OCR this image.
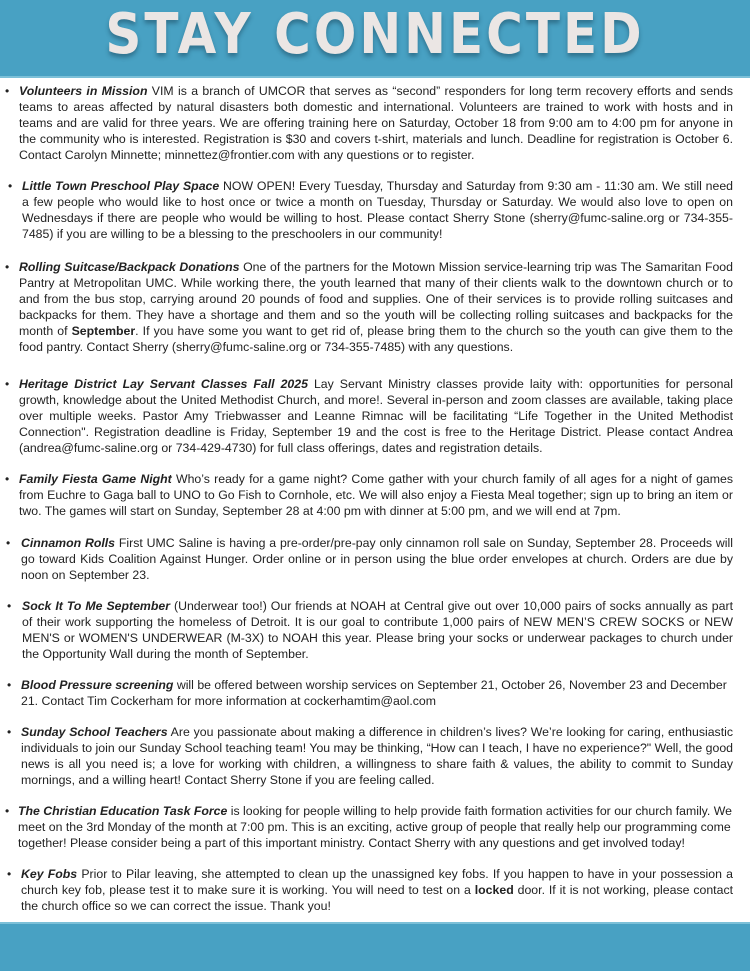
STAY CONNECTED
• Volunteers in Mission VIM is a branch of UMCOR that serves as “second” responders for long term recovery efforts and sends teams to areas affected by natural disasters both domestic and international. Volunteers are trained to work with hosts and in teams and are valid for three years. We are offering training here on Saturday, October 18 from 9:00 am to 4:00 pm for anyone in the community who is interested. Registration is $30 and covers t-shirt, materials and lunch. Deadline for registration is October 6. Contact Carolyn Minnette; minnettez@frontier.com with any questions or to register.
• Little Town Preschool Play Space NOW OPEN! Every Tuesday, Thursday and Saturday from 9:30 am - 11:30 am. We still need a few people who would like to host once or twice a month on Tuesday, Thursday or Saturday. We would also love to open on Wednesdays if there are people who would be willing to host. Please contact Sherry Stone (sherry@fumc-saline.org or 734-355-7485) if you are willing to be a blessing to the preschoolers in our community!
• Rolling Suitcase/Backpack Donations One of the partners for the Motown Mission service-learning trip was The Samaritan Food Pantry at Metropolitan UMC. While working there, the youth learned that many of their clients walk to the downtown church or to and from the bus stop, carrying around 20 pounds of food and supplies. One of their services is to provide rolling suitcases and backpacks for them. They have a shortage and them and so the youth will be collecting rolling suitcases and backpacks for the month of September. If you have some you want to get rid of, please bring them to the church so the youth can give them to the food pantry. Contact Sherry (sherry@fumc-saline.org or 734-355-7485) with any questions.
• Heritage District Lay Servant Classes Fall 2025 Lay Servant Ministry classes provide laity with: opportunities for personal growth, knowledge about the United Methodist Church, and more!. Several in-person and zoom classes are available, taking place over multiple weeks. Pastor Amy Triebwasser and Leanne Rimnac will be facilitating “Life Together in the United Methodist Connection". Registration deadline is Friday, September 19 and the cost is free to the Heritage District. Please contact Andrea (andrea@fumc-saline.org or 734-429-4730) for full class offerings, dates and registration details.
• Family Fiesta Game Night Who’s ready for a game night? Come gather with your church family of all ages for a night of games from Euchre to Gaga ball to UNO to Go Fish to Cornhole, etc. We will also enjoy a Fiesta Meal together; sign up to bring an item or two. The games will start on Sunday, September 28 at 4:00 pm with dinner at 5:00 pm, and we will end at 7pm.
• Cinnamon Rolls First UMC Saline is having a pre-order/pre-pay only cinnamon roll sale on Sunday, September 28. Proceeds will go toward Kids Coalition Against Hunger. Order online or in person using the blue order envelopes at church. Orders are due by noon on September 23.
• Sock It To Me September (Underwear too!) Our friends at NOAH at Central give out over 10,000 pairs of socks annually as part of their work supporting the homeless of Detroit. It is our goal to contribute 1,000 pairs of NEW MEN’S CREW SOCKS or NEW MEN'S or WOMEN'S UNDERWEAR (M-3X) to NOAH this year. Please bring your socks or underwear packages to church under the Opportunity Wall during the month of September.
• Blood Pressure screening will be offered between worship services on September 21, October 26, November 23 and December 21. Contact Tim Cockerham for more information at cockerhamtim@aol.com
• Sunday School Teachers Are you passionate about making a difference in children’s lives? We’re looking for caring, enthusiastic individuals to join our Sunday School teaching team! You may be thinking, “How can I teach, I have no experience?" Well, the good news is all you need is; a love for working with children, a willingness to share faith & values, the ability to commit to Sunday mornings, and a willing heart! Contact Sherry Stone if you are feeling called.
• The Christian Education Task Force is looking for people willing to help provide faith formation activities for our church family. We meet on the 3rd Monday of the month at 7:00 pm. This is an exciting, active group of people that really help our programming come together! Please consider being a part of this important ministry. Contact Sherry with any questions and get involved today!
• Key Fobs Prior to Pilar leaving, she attempted to clean up the unassigned key fobs. If you happen to have in your possession a church key fob, please test it to make sure it is working. You will need to test on a locked door. If it is not working, please contact the church office so we can correct the issue. Thank you!
